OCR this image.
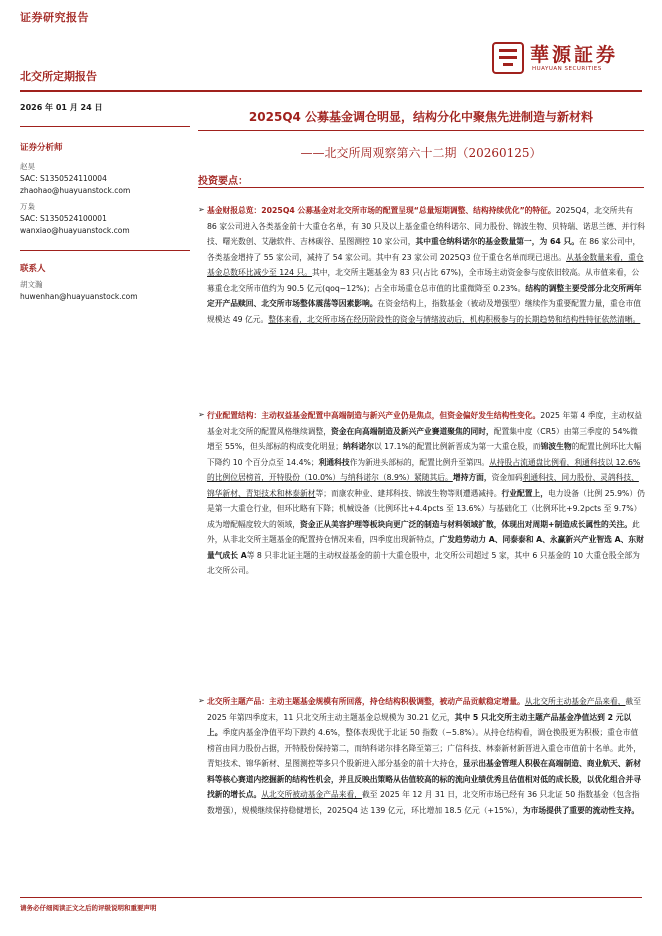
证券研究报告
華源証券
HUAYUAN SECURITIES
北交所定期报告
2026 年 01 月 24 日
证券分析师
赵昊
SAC: S1350524110004
zhaohao@huayuanstock.com
万枭
SAC: S1350524100001
wanxiao@huayuanstock.com
联系人
胡文瀚
huwenhan@huayuanstock.com
2025Q4 公募基金调仓明显，结构分化中聚焦先进制造与新材料
——北交所周观察第六十二期（20260125）
投资要点：
➢ 基金财报总览：2025Q4 公募基金对北交所市场的配置呈现“总量短期调整、结构持续优化”的特征。2025Q4，北交所共有 86 家公司进入各类基金前十大重仓名单，有 30 只及以上基金重仓纳科诺尔、同力股份、锦波生物、贝特瑞、诺思兰德、并行科技、曙光数创、艾融软件、吉林碳谷、星图测控 10 家公司，其中重仓纳科诺尔的基金数量第一，为 64 只。在 86 家公司中，各类基金增持了 55 家公司，减持了 54 家公司。其中有 23 家公司 2025Q3 位于重仓名单而现已退出。从基金数量来看，重仓基金总数环比减少至 124 只。其中，北交所主题基金为 83 只(占比 67%)，全市场主动资金参与度依旧较高。从市值来看，公募重仓北交所市值约为 90.5 亿元(qoq−12%)；占全市场重仓总市值的比重微降至 0.23%。结构的调整主要受部分北交所两年定开产品赎回、北交所市场整体震荡等因素影响。在资金结构上，指数基金（被动及增强型）继续作为重要配置力量，重仓市值规模达 49 亿元。整体来看，北交所市场在经历阶段性的资金与情绪波动后，机构积极参与的长期趋势和结构性特征依然清晰。
➢ 行业配置结构：主动权益基金配置中高端制造与新兴产业仍是焦点，但资金偏好发生结构性变化。2025 年第 4 季度，主动权益基金对北交所的配置风格继续调整，资金在向高端制造及新兴产业賽道聚焦的同时，配置集中度（CR5）由第三季度的 54%微增至 55%，但头部标的构成变化明显；纳科诺尔以 17.1%的配置比例新晋成为第一大重仓股，而锦波生物的配置比例环比大幅下降约 10 个百分点至 14.4%；利通科技作为新进头部标的，配置比例升至第四。从持股占流通盘比例看，利通科技以 12.6%的比例位居榜首，开特股份（10.0%）与纳科诺尔（8.9%）紧随其后。增持方面，资金加码利通科技、同力股份、灵鸽科技、锦华新材、青矩技术和林泰新材等；而康农种业、建邦科技、锦波生物等则遭遇减持。行业配置上，电力设备（比例 25.9%）仍是第一大重仓行业，但环比略有下降；机械设备（比例环比+4.4pcts 至 13.6%）与基础化工（比例环比+9.2pcts 至 9.7%）成为增配幅度较大的领域，资金正从美容护理等板块向更广泛的制造与材料领域扩散，体现出对周期+制造成长属性的关注。此外，从非北交所主题基金的配置持仓情况来看，四季度出现新特点，广发趋势动力 A、同泰泰和 A、永赢新兴产业智选 A、东财量气成长 A等 8 只非北证主题的主动权益基金的前十大重仓股中，北交所公司超过 5 家，其中 6 只基金的 10 大重仓股全部为北交所公司。
➢ 北交所主题产品：主动主题基金规模有所回落，持仓结构积极调整，被动产品贡献稳定增量。从北交所主动基金产品来看，截至 2025 年第四季度末，11 只北交所主动主题基金总规模为 30.21 亿元，其中 5 只北交所主动主题产品基金净值达到 2 元以上。季度内基金净值平均下跌约 4.6%，整体表现优于北证 50 指数（−5.8%）。从持仓结构看，调仓换股更为积极；重仓市值榜首由同力股份占据，开特股份保持第二，而纳科诺尔排名降至第三；广信科技、林泰新材新晋进入重仓市值前十名单。此外，青矩技术、锦华新材、星图测控等多只个股新进入部分基金的前十大持仓，显示出基金管理人积极在高端制造、商业航天、新材料等核心赛道内挖掘新的结构性机会，并且反映出策略从估值较高的标的流向业绩优秀且估值相对低的成长股，以优化组合并寻找新的增长点。从北交所被动基金产品来看，截至 2025 年 12 月 31 日，北交所市场已经有 36 只北证 50 指数基金（包含指数增强），规模继续保持稳健增长，2025Q4 达 139 亿元，环比增加 18.5 亿元（+15%），为市场提供了重要的流动性支持。
请务必仔细阅读正文之后的评级说明和重要声明
